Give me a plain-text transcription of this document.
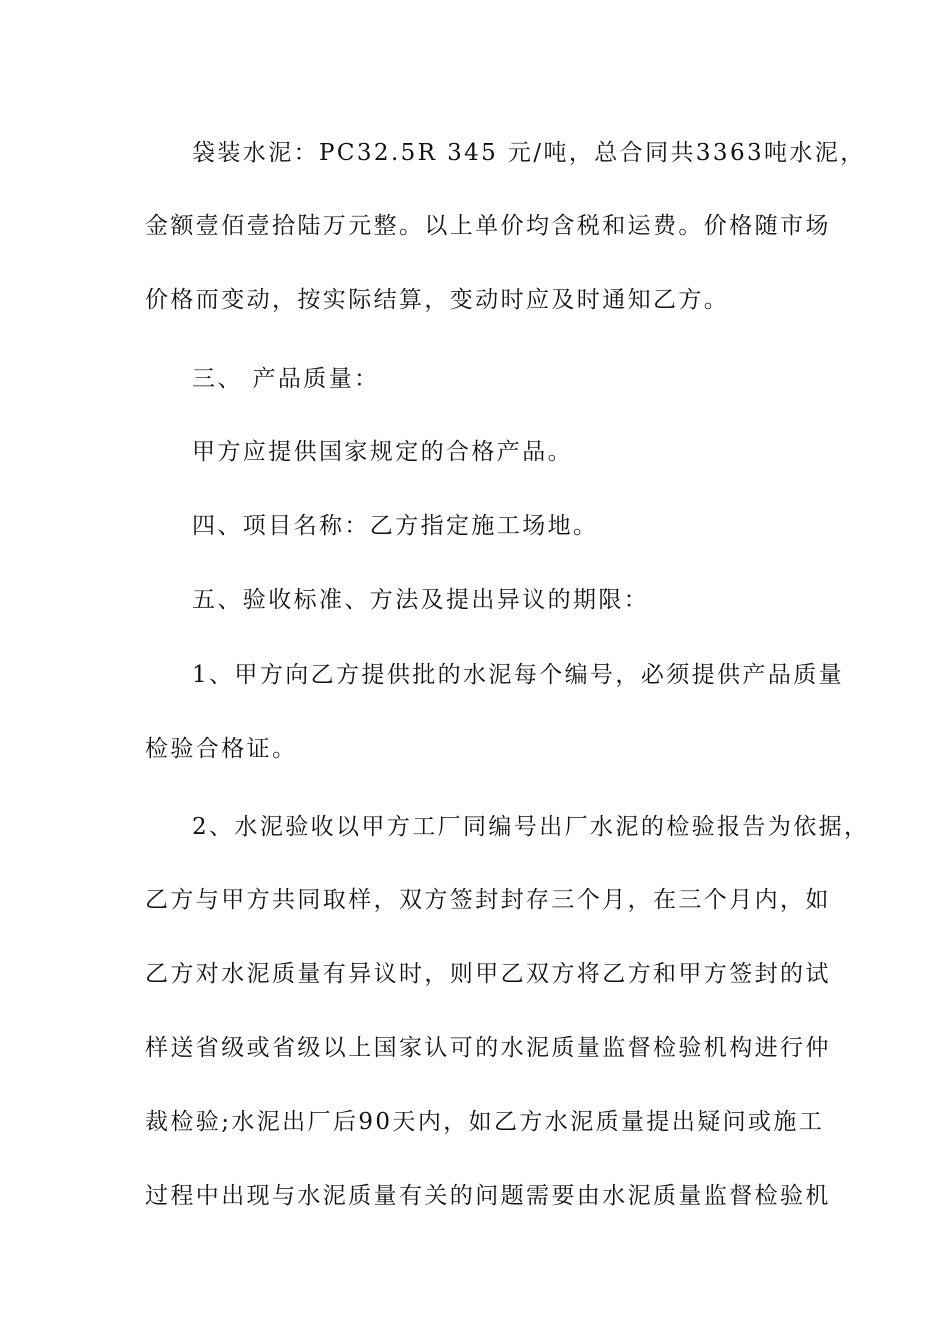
袋装水泥：PC32.5R 345 元/吨，总合同共3363吨水泥，
金额壹佰壹拾陆万元整。以上单价均含税和运费。价格随市场
价格而变动，按实际结算，变动时应及时通知乙方。
三、 产品质量：
甲方应提供国家规定的合格产品。
四、项目名称：乙方指定施工场地。
五、验收标准、方法及提出异议的期限：
1、甲方向乙方提供批的水泥每个编号，必须提供产品质量
检验合格证。
2、水泥验收以甲方工厂同编号出厂水泥的检验报告为依据，
乙方与甲方共同取样，双方签封封存三个月，在三个月内，如
乙方对水泥质量有异议时，则甲乙双方将乙方和甲方签封的试
样送省级或省级以上国家认可的水泥质量监督检验机构进行仲
裁检验;水泥出厂后90天内，如乙方水泥质量提出疑问或施工
过程中出现与水泥质量有关的问题需要由水泥质量监督检验机
